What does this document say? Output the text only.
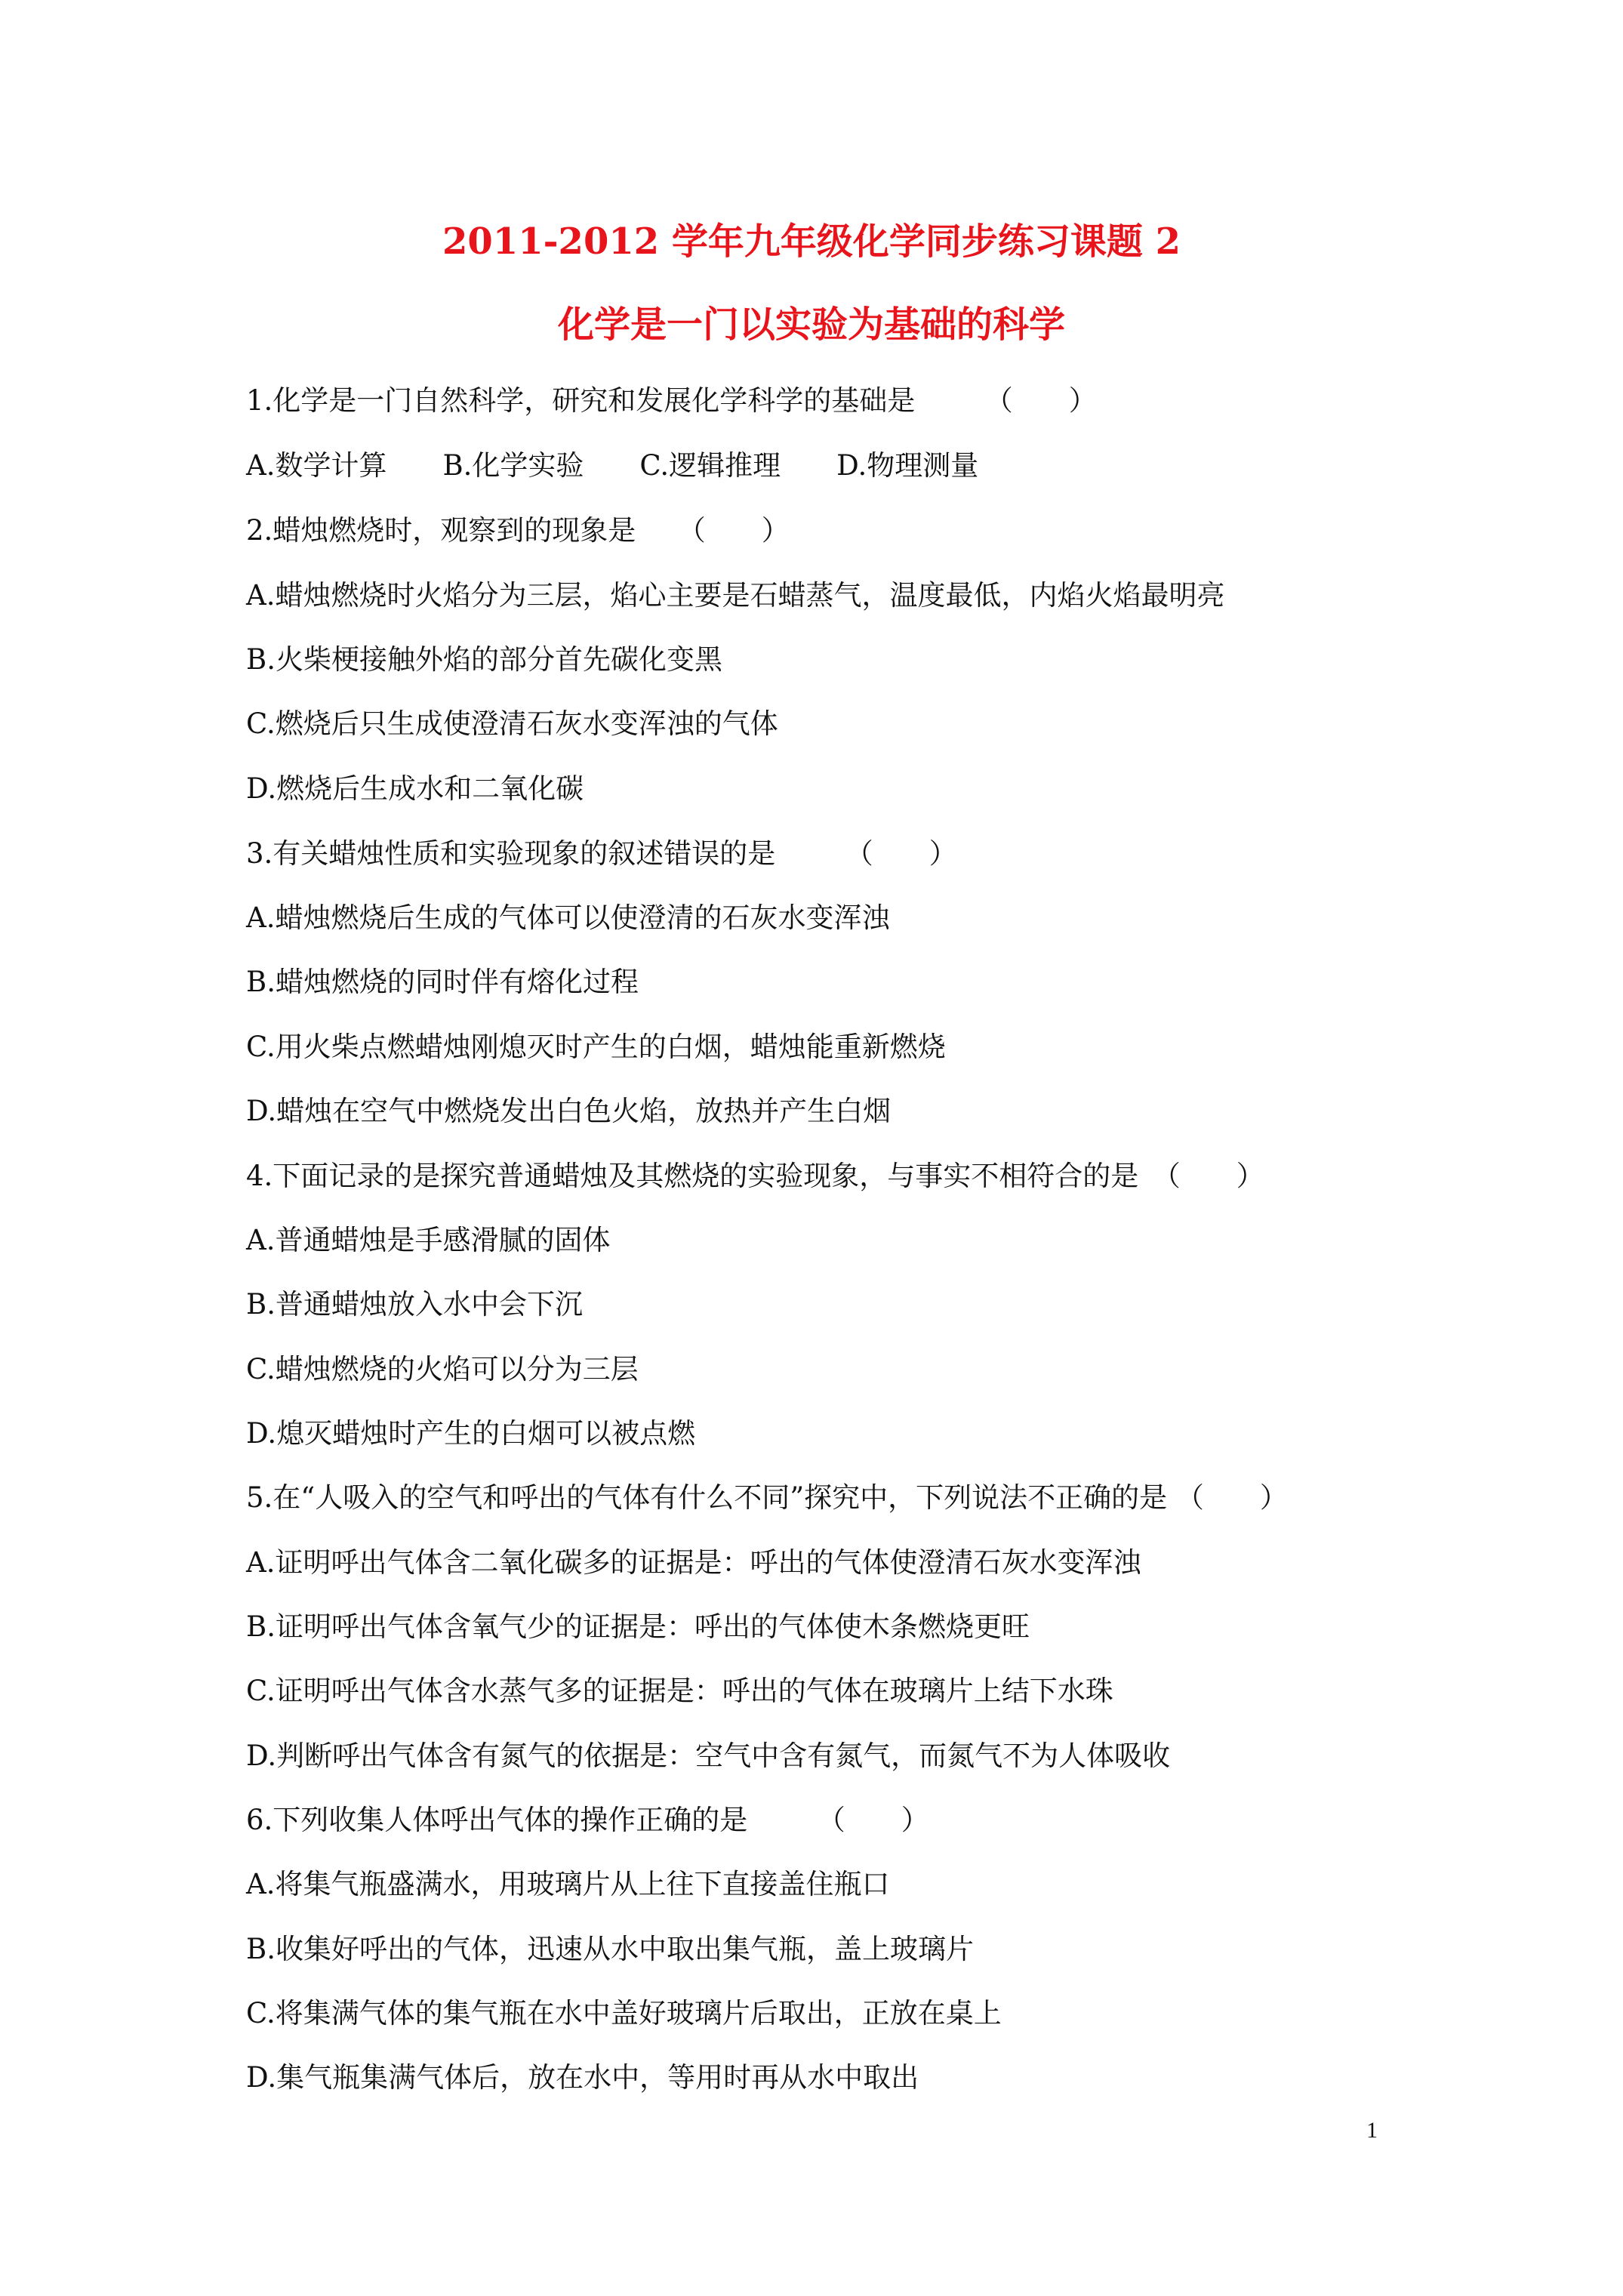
2011-2012 学年九年级化学同步练习课题 2
化学是一门以实验为基础的科学
1.化学是一门自然科学，研究和发展化学科学的基础是　　　（　　）
A.数学计算　　B.化学实验　　C.逻辑推理　　D.物理测量
2.蜡烛燃烧时，观察到的现象是　　（　　）
A.蜡烛燃烧时火焰分为三层，焰心主要是石蜡蒸气，温度最低，内焰火焰最明亮
B.火柴梗接触外焰的部分首先碳化变黑
C.燃烧后只生成使澄清石灰水变浑浊的气体
D.燃烧后生成水和二氧化碳
3.有关蜡烛性质和实验现象的叙述错误的是　　　（　　）
A.蜡烛燃烧后生成的气体可以使澄清的石灰水变浑浊
B.蜡烛燃烧的同时伴有熔化过程
C.用火柴点燃蜡烛刚熄灭时产生的白烟，蜡烛能重新燃烧
D.蜡烛在空气中燃烧发出白色火焰，放热并产生白烟
4.下面记录的是探究普通蜡烛及其燃烧的实验现象，与事实不相符合的是　（　　）
A.普通蜡烛是手感滑腻的固体
B.普通蜡烛放入水中会下沉
C.蜡烛燃烧的火焰可以分为三层
D.熄灭蜡烛时产生的白烟可以被点燃
5.在“人吸入的空气和呼出的气体有什么不同”探究中，下列说法不正确的是 （　　）
A.证明呼出气体含二氧化碳多的证据是：呼出的气体使澄清石灰水变浑浊
B.证明呼出气体含氧气少的证据是：呼出的气体使木条燃烧更旺
C.证明呼出气体含水蒸气多的证据是：呼出的气体在玻璃片上结下水珠
D.判断呼出气体含有氮气的依据是：空气中含有氮气，而氮气不为人体吸收
6.下列收集人体呼出气体的操作正确的是　　　（　　）
A.将集气瓶盛满水，用玻璃片从上往下直接盖住瓶口
B.收集好呼出的气体，迅速从水中取出集气瓶，盖上玻璃片
C.将集满气体的集气瓶在水中盖好玻璃片后取出，正放在桌上
D.集气瓶集满气体后，放在水中，等用时再从水中取出
1
